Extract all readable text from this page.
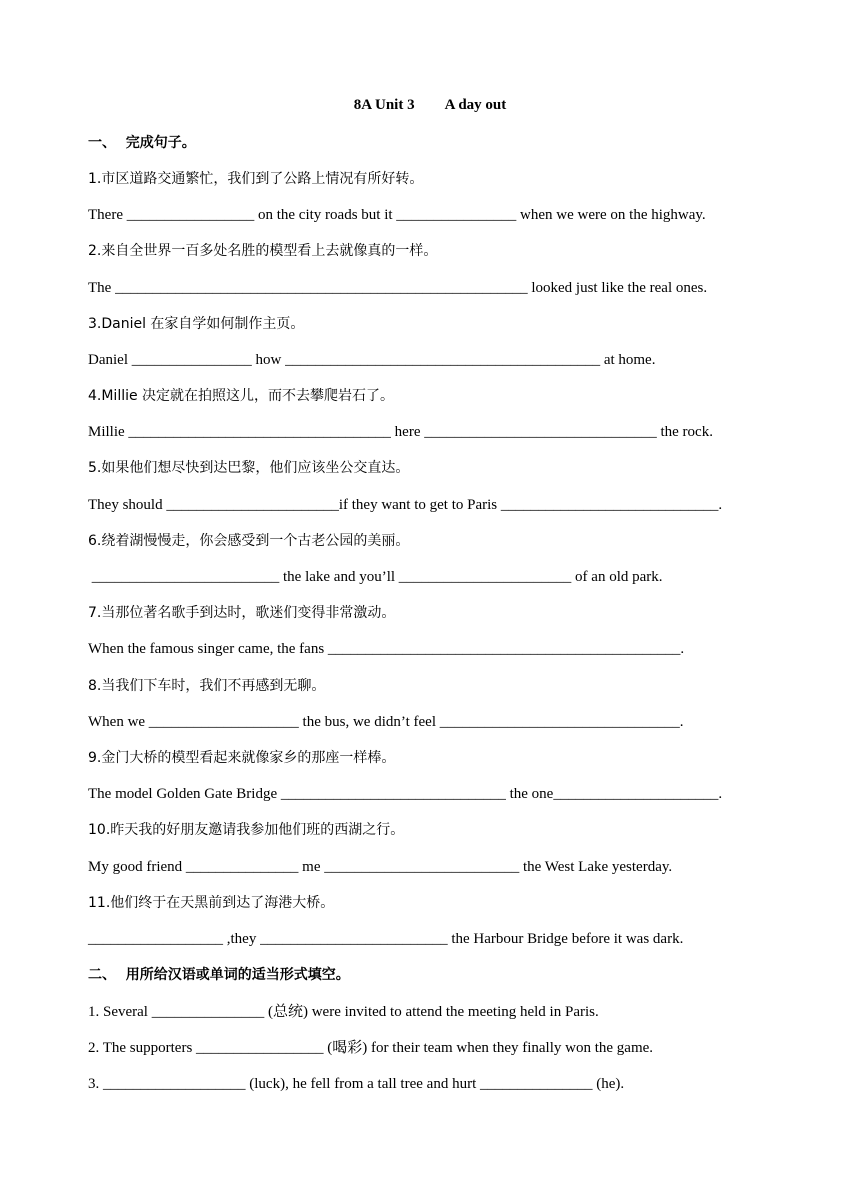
8A Unit 3 A day out
一、  完成句子。
1.市区道路交通繁忙，我们到了公路上情况有所好转。
There _________________ on the city roads but it ________________ when we were on the highway.
2.来自全世界一百多处名胜的模型看上去就像真的一样。
The _______________________________________________________ looked just like the real ones.
3.Daniel 在家自学如何制作主页。
Daniel ________________ how __________________________________________ at home.
4.Millie 决定就在拍照这儿，而不去攀爬岩石了。
Millie ___________________________________ here _______________________________ the rock.
5.如果他们想尽快到达巴黎，他们应该坐公交直达。
They should _______________________if they want to get to Paris _____________________________.
6.绕着湖慢慢走，你会感受到一个古老公园的美丽。
_________________________ the lake and you’ll _______________________ of an old park.
7.当那位著名歌手到达时，歌迷们变得非常激动。
When the famous singer came, the fans _______________________________________________.
8.当我们下车时，我们不再感到无聊。
When we ____________________ the bus, we didn’t feel ________________________________.
9.金门大桥的模型看起来就像家乡的那座一样棒。
The model Golden Gate Bridge ______________________________ the one______________________.
10.昨天我的好朋友邀请我参加他们班的西湖之行。
My good friend _______________ me __________________________ the West Lake yesterday.
11.他们终于在天黑前到达了海港大桥。
__________________ ,they _________________________ the Harbour Bridge before it was dark.
二、  用所给汉语或单词的适当形式填空。
1. Several _______________ (总统) were invited to attend the meeting held in Paris.
2. The supporters _________________ (喝彩) for their team when they finally won the game.
3. ___________________ (luck), he fell from a tall tree and hurt _______________ (he).
